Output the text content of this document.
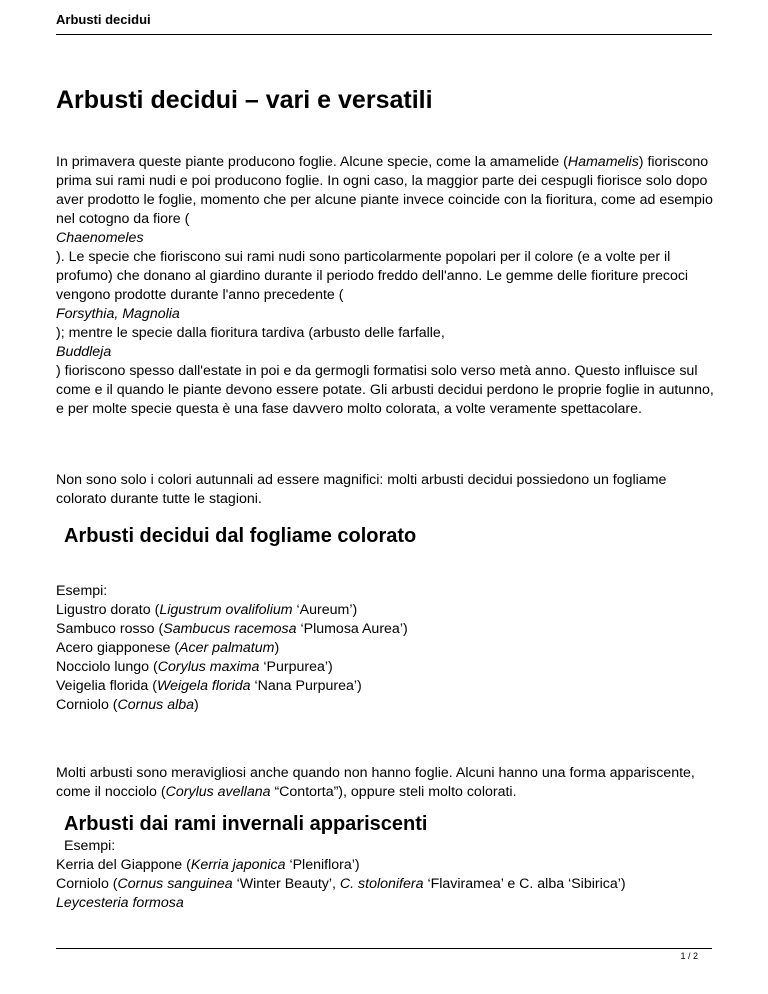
Arbusti decidui
Arbusti decidui – vari e versatili

In primavera queste piante producono foglie. Alcune specie, come la amamelide (Hamamelis) fioriscono prima sui rami nudi e poi producono foglie. In ogni caso, la maggior parte dei cespugli fiorisce solo dopo aver prodotto le foglie, momento che per alcune piante invece coincide con la fioritura, come ad esempio nel cotogno da fiore (
Chaenomeles
). Le specie che fioriscono sui rami nudi sono particolarmente popolari per il colore (e a volte per il profumo) che donano al giardino durante il periodo freddo dell'anno. Le gemme delle fioriture precoci vengono prodotte durante l'anno precedente (
Forsythia, Magnolia
); mentre le specie dalla fioritura tardiva (arbusto delle farfalle,
Buddleja
) fioriscono spesso dall'estate in poi e da germogli formatisi solo verso metà anno. Questo influisce sul come e il quando le piante devono essere potate. Gli arbusti decidui perdono le proprie foglie in autunno, e per molte specie questa è una fase davvero molto colorata, a volte veramente spettacolare.

Non sono solo i colori autunnali ad essere magnifici: molti arbusti decidui possiedono un fogliame colorato durante tutte le stagioni.

Arbusti decidui dal fogliame colorato
Esempi:
Ligustro dorato (Ligustrum ovalifolium ‘Aureum’)
Sambuco rosso (Sambucus racemosa ‘Plumosa Aurea’)
Acero giapponese (Acer palmatum)
Nocciolo lungo (Corylus maxima ‘Purpurea’)
Veigelia florida (Weigela florida ‘Nana Purpurea’)
Corniolo (Cornus alba)

Molti arbusti sono meravigliosi anche quando non hanno foglie. Alcuni hanno una forma appariscente, come il nocciolo (Corylus avellana “Contorta”), oppure steli molto colorati.

Arbusti dai rami invernali appariscenti
Esempi:
Kerria del Giappone (Kerria japonica ‘Pleniflora’)
Corniolo (Cornus sanguinea ‘Winter Beauty’, C. stolonifera ‘Flaviramea’ e C. alba ‘Sibirica’)
Leycesteria formosa
1 / 2
